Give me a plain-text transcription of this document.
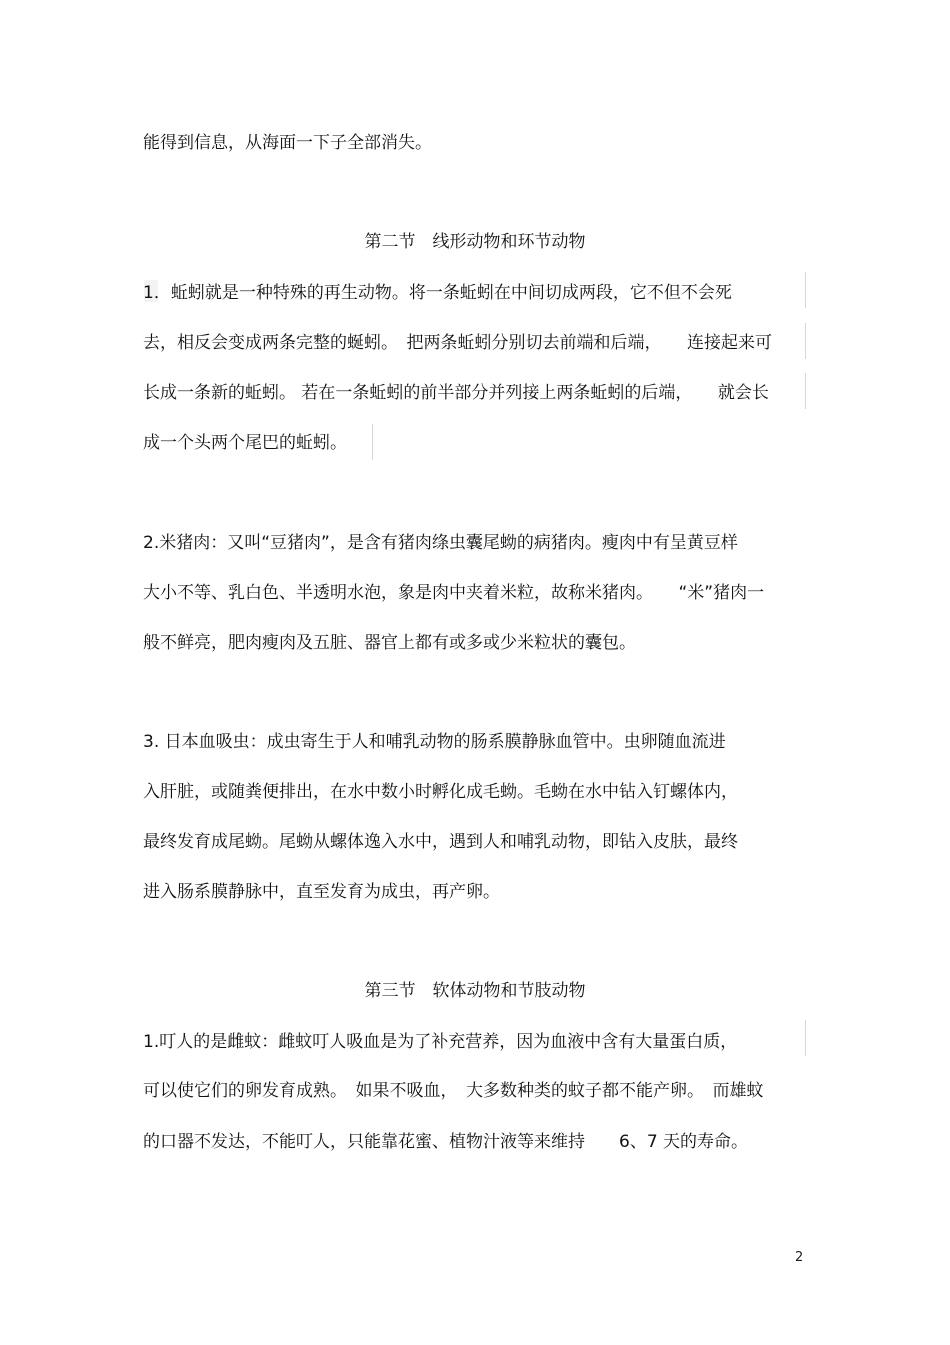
能得到信息，从海面一下子全部消失。
第二节　线形动物和环节动物
1．蚯蚓就是一种特殊的再生动物。将一条蚯蚓在中间切成两段，它不但不会死
去，相反会变成两条完整的蜒蚓。　把两条蚯蚓分别切去前端和后端，　　连接起来可
长成一条新的蚯蚓。 若在一条蚯蚓的前半部分并列接上两条蚯蚓的后端，　　就会长
成一个头两个尾巴的蚯蚓。
2.米猪肉：又叫“豆猪肉”，是含有猪肉绦虫囊尾蚴的病猪肉。瘦肉中有呈黄豆样
大小不等、乳白色、半透明水泡，象是肉中夹着米粒，故称米猪肉。　　“米”猪肉一
般不鲜亮，肥肉瘦肉及五脏、器官上都有或多或少米粒状的囊包。
3. 日本血吸虫：成虫寄生于人和哺乳动物的肠系膜静脉血管中。虫卵随血流进
入肝脏，或随粪便排出，在水中数小时孵化成毛蚴。毛蚴在水中钻入钉螺体内，
最终发育成尾蚴。尾蚴从螺体逸入水中，遇到人和哺乳动物，即钻入皮肤，最终
进入肠系膜静脉中，直至发育为成虫，再产卵。
第三节　软体动物和节肢动物
1.叮人的是雌蚊：雌蚊叮人吸血是为了补充营养，因为血液中含有大量蛋白质，
可以使它们的卵发育成熟。　如果不吸血，　大多数种类的蚊子都不能产卵。　而雄蚊
的口器不发达，不能叮人，只能靠花蜜、植物汁液等来维持　　6、7 天的寿命。
2
